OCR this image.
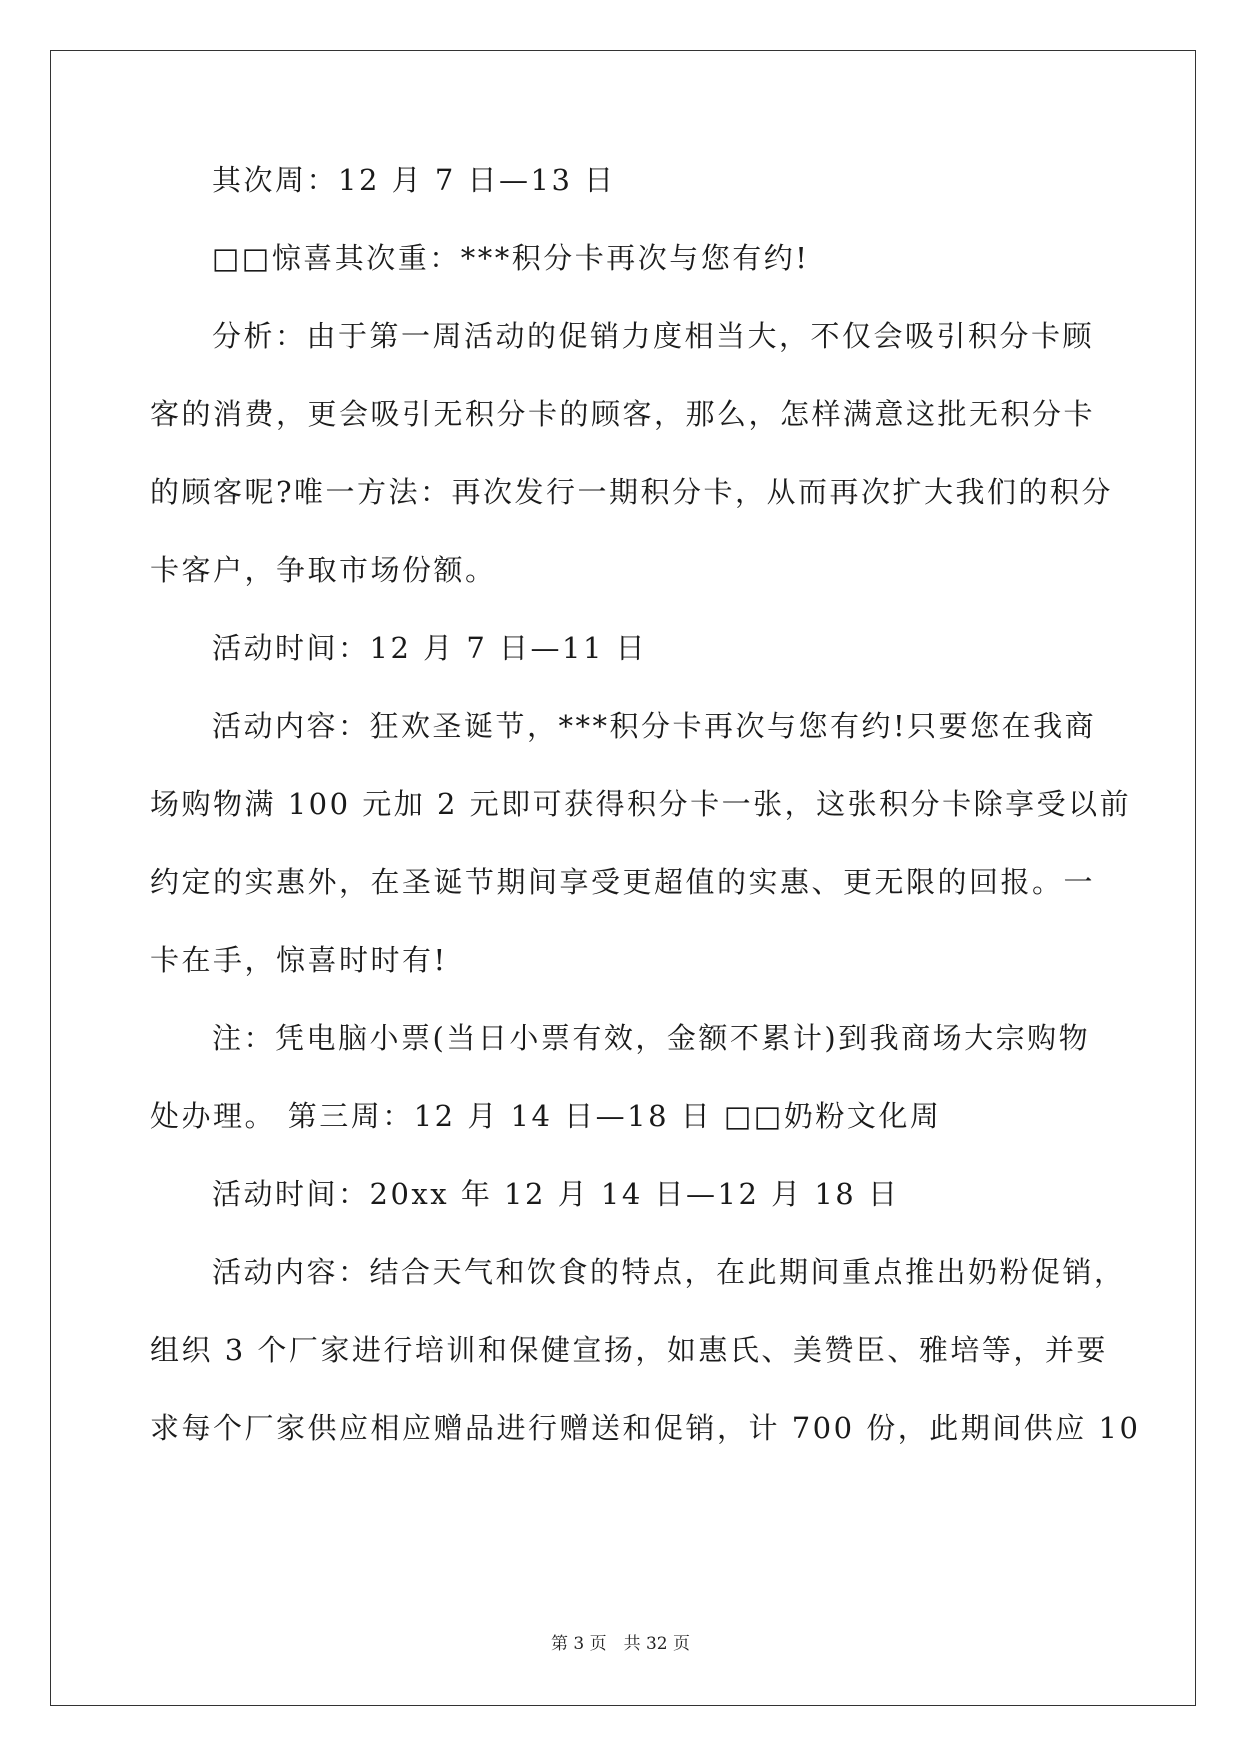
其次周：12 月 7 日—13 日
□□惊喜其次重：***积分卡再次与您有约!
分析：由于第一周活动的促销力度相当大，不仅会吸引积分卡顾
客的消费，更会吸引无积分卡的顾客，那么，怎样满意这批无积分卡
的顾客呢?唯一方法：再次发行一期积分卡，从而再次扩大我们的积分
卡客户，争取市场份额。
活动时间：12 月 7 日—11 日
活动内容：狂欢圣诞节，***积分卡再次与您有约!只要您在我商
场购物满 100 元加 2 元即可获得积分卡一张，这张积分卡除享受以前
约定的实惠外，在圣诞节期间享受更超值的实惠、更无限的回报。一
卡在手，惊喜时时有!
注：凭电脑小票(当日小票有效，金额不累计)到我商场大宗购物
处办理。 第三周：12 月 14 日—18 日 □□奶粉文化周
活动时间：20xx 年 12 月 14 日—12 月 18 日
活动内容：结合天气和饮食的特点，在此期间重点推出奶粉促销，
组织 3 个厂家进行培训和保健宣扬，如惠氏、美赞臣、雅培等，并要
求每个厂家供应相应赠品进行赠送和促销，计 700 份，此期间供应 10
第 3 页　共 32 页
